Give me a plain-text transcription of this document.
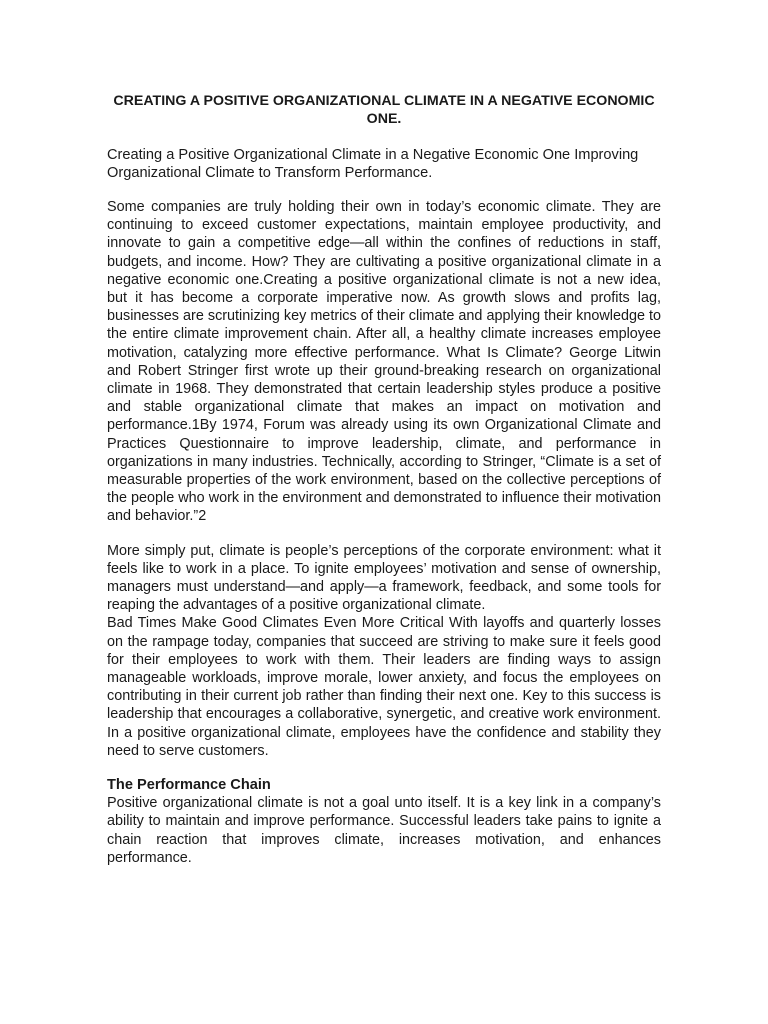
CREATING A POSITIVE ORGANIZATIONAL CLIMATE IN A NEGATIVE ECONOMIC ONE.

Creating a Positive Organizational Climate in a Negative Economic One Improving Organizational Climate to Transform Performance.

Some companies are truly holding their own in today’s economic climate. They are continuing to exceed customer expectations, maintain employee productivity, and innovate to gain a competitive edge—all within the confines of reductions in staff, budgets, and income. How? They are cultivating a positive organizational climate in a negative economic one.Creating a positive organizational climate is not a new idea, but it has become a corporate imperative now. As growth slows and profits lag, businesses are scrutinizing key metrics of their climate and applying their knowledge to the entire climate improvement chain. After all, a healthy climate increases employee motivation, catalyzing more effective performance. What Is Climate? George Litwin and Robert Stringer first wrote up their ground-breaking research on organizational climate in 1968. They demonstrated that certain leadership styles produce a positive and stable organizational climate that makes an impact on motivation and performance.1By 1974, Forum was already using its own Organizational Climate and Practices Questionnaire to improve leadership, climate, and performance in organizations in many industries. Technically, according to Stringer, “Climate is a set of measurable properties of the work environment, based on the collective perceptions of the people who work in the environment and demonstrated to influence their motivation and behavior.”2

More simply put, climate is people’s perceptions of the corporate environment: what it feels like to work in a place. To ignite employees’ motivation and sense of ownership, managers must understand—and apply—a framework, feedback, and some tools for reaping the advantages of a positive organizational climate.

Bad Times Make Good Climates Even More Critical With layoffs and quarterly losses on the rampage today, companies that succeed are striving to make sure it feels good for their employees to work with them. Their leaders are finding ways to assign manageable workloads, improve morale, lower anxiety, and focus the employees on contributing in their current job rather than finding their next one. Key to this success is leadership that encourages a collaborative, synergetic, and creative work environment. In a positive organizational climate, employees have the confidence and stability they need to serve customers.

The Performance Chain

Positive organizational climate is not a goal unto itself. It is a key link in a company’s ability to maintain and improve performance. Successful leaders take pains to ignite a chain reaction that improves climate, increases motivation, and enhances performance.
